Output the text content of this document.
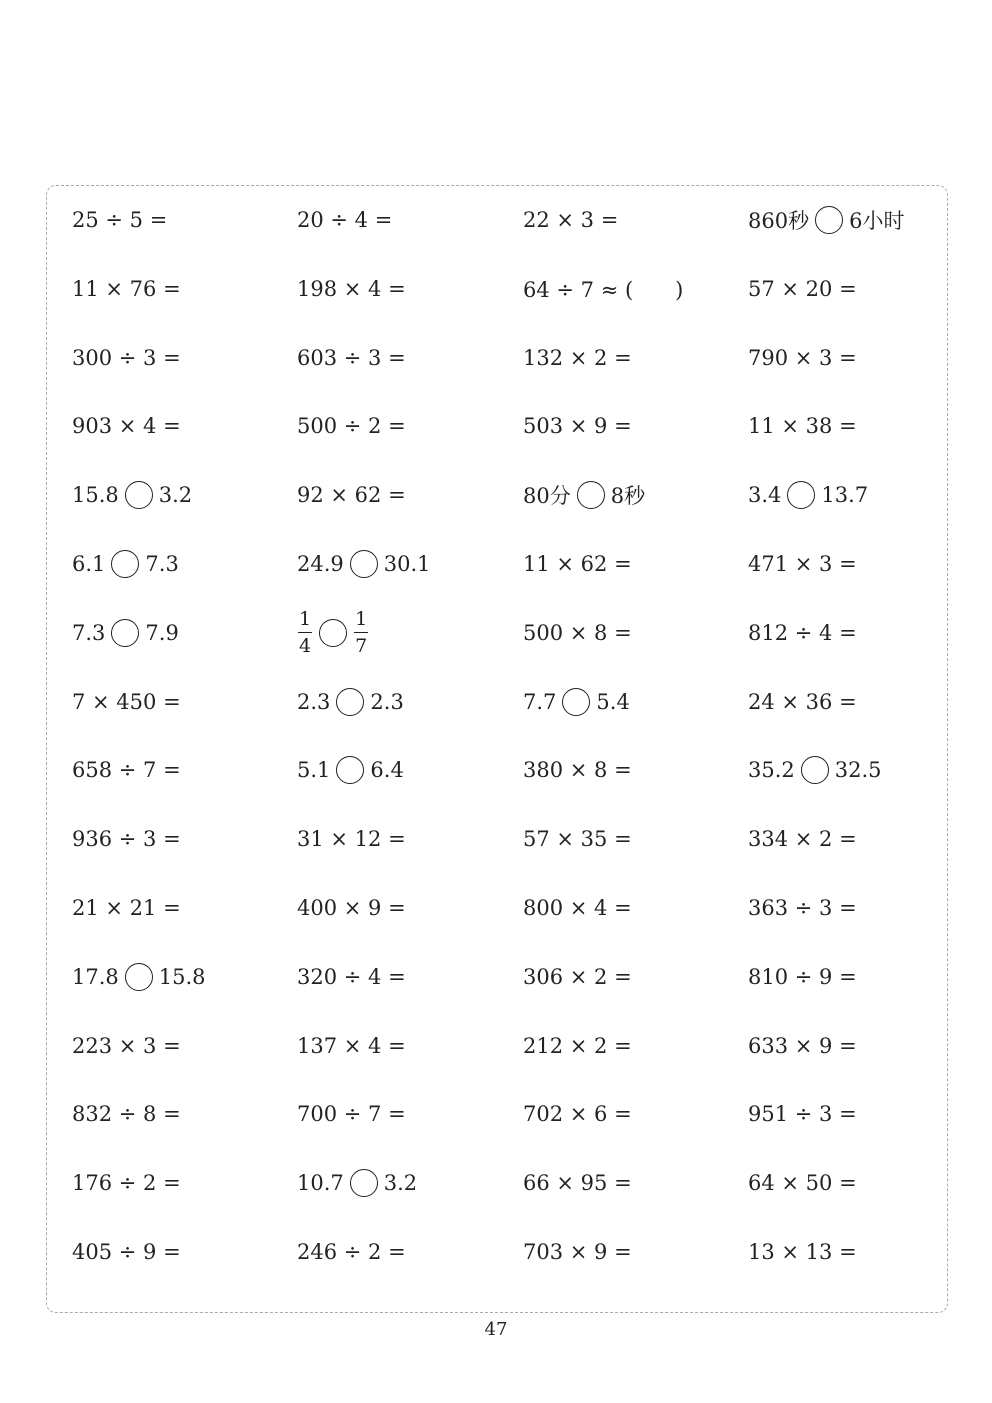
25 ÷ 5 =	20 ÷ 4 =	22 × 3 =	860秒 6小时
11 × 76 =	198 × 4 =	64 ÷ 7 ≈ (　　)	57 × 20 =
300 ÷ 3 =	603 ÷ 3 =	132 × 2 =	790 × 3 =
903 × 4 =	500 ÷ 2 =	503 × 9 =	11 × 38 =
15.8 3.2	92 × 62 =	80分 8秒	3.4 13.7
6.1 7.3	24.9 30.1	11 × 62 =	471 × 3 =
7.3 7.9	$\frac{1}{4} \frac{1}{7}$	500 × 8 =	812 ÷ 4 =
7 × 450 =	2.3 2.3	7.7 5.4	24 × 36 =
658 ÷ 7 =	5.1 6.4	380 × 8 =	35.2 32.5
936 ÷ 3 =	31 × 12 =	57 × 35 =	334 × 2 =
21 × 21 =	400 × 9 =	800 × 4 =	363 ÷ 3 =
17.8 15.8	320 ÷ 4 =	306 × 2 =	810 ÷ 9 =
223 × 3 =	137 × 4 =	212 × 2 =	633 × 9 =
832 ÷ 8 =	700 ÷ 7 =	702 × 6 =	951 ÷ 3 =
176 ÷ 2 =	10.7 3.2	66 × 95 =	64 × 50 =
405 ÷ 9 =	246 ÷ 2 =	703 × 9 =	13 × 13 =
47
